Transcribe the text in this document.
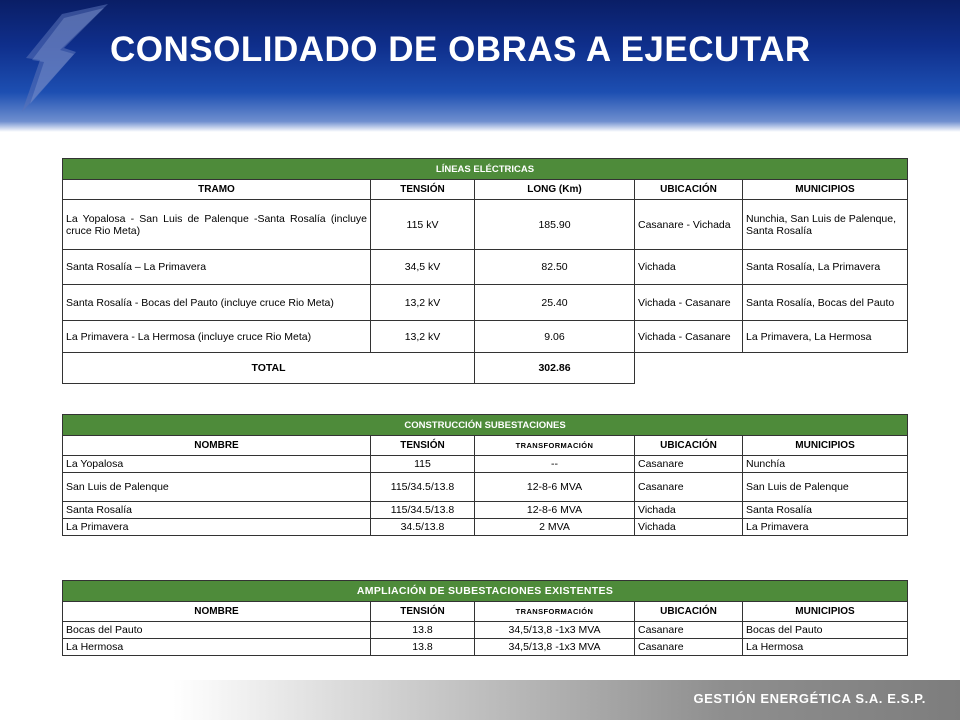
CONSOLIDADO DE OBRAS A EJECUTAR
LÍNEAS ELÉCTRICAS				
TRAMO	TENSIÓN	LONG (Km)	UBICACIÓN	MUNICIPIOS
La Yopalosa - San Luis de Palenque -Santa Rosalía (incluye cruce Rio Meta)	115 kV	185.90	Casanare - Vichada	Nunchia, San Luis de Palenque, Santa Rosalía
Santa Rosalía – La Primavera	34,5 kV	82.50	Vichada	Santa Rosalía, La Primavera
Santa Rosalía - Bocas del Pauto (incluye cruce Rio Meta)	13,2 kV	25.40	Vichada - Casanare	Santa Rosalía, Bocas del Pauto
La Primavera - La Hermosa (incluye cruce Rio Meta)	13,2 kV	9.06	Vichada - Casanare	La Primavera, La Hermosa
TOTAL		302.86		
CONSTRUCCIÓN SUBESTACIONES				
NOMBRE	TENSIÓN	TRANSFORMACIÓN	UBICACIÓN	MUNICIPIOS
La Yopalosa	115	--	Casanare	Nunchía
San Luis de Palenque	115/34.5/13.8	12-8-6 MVA	Casanare	San Luis de Palenque
Santa Rosalía	115/34.5/13.8	12-8-6 MVA	Vichada	Santa Rosalía
La Primavera	34.5/13.8	2 MVA	Vichada	La Primavera
AMPLIACIÓN DE SUBESTACIONES EXISTENTES				
NOMBRE	TENSIÓN	TRANSFORMACIÓN	UBICACIÓN	MUNICIPIOS
Bocas del Pauto	13.8	34,5/13,8 -1x3 MVA	Casanare	Bocas del Pauto
La Hermosa	13.8	34,5/13,8 -1x3 MVA	Casanare	La Hermosa
GESTIÓN ENERGÉTICA S.A. E.S.P.
